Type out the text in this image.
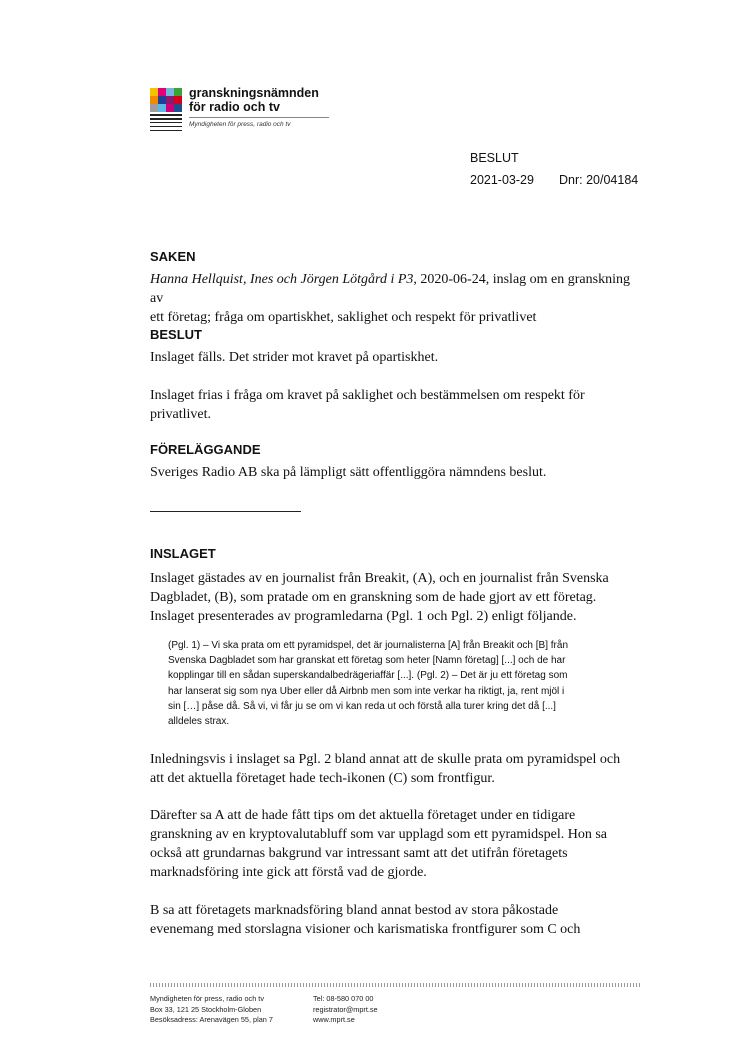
granskningsnämnden
för radio och tv
Myndigheten för press, radio och tv
BESLUT
2021-03-29 Dnr: 20/04184
SAKEN
Hanna Hellquist, Ines och Jörgen Lötgård i P3, 2020-06-24, inslag om en granskning av
ett företag; fråga om opartiskhet, saklighet och respekt för privatlivet
BESLUT
Inslaget fälls. Det strider mot kravet på opartiskhet.
Inslaget frias i fråga om kravet på saklighet och bestämmelsen om respekt för
privatlivet.
FÖRELÄGGANDE
Sveriges Radio AB ska på lämpligt sätt offentliggöra nämndens beslut.
INSLAGET
Inslaget gästades av en journalist från Breakit, (A), och en journalist från Svenska
Dagbladet, (B), som pratade om en granskning som de hade gjort av ett företag.
Inslaget presenterades av programledarna (Pgl. 1 och Pgl. 2) enligt följande.
(Pgl. 1) – Vi ska prata om ett pyramidspel, det är journalisterna [A] från Breakit och [B] från
Svenska Dagbladet som har granskat ett företag som heter [Namn företag] [...] och de har
kopplingar till en sådan superskandalbedrägeriaffär [...]. (Pgl. 2) – Det är ju ett företag som
har lanserat sig som nya Uber eller då Airbnb men som inte verkar ha riktigt, ja, rent mjöl i
sin […] påse då. Så vi, vi får ju se om vi kan reda ut och förstå alla turer kring det då [...]
alldeles strax.
Inledningsvis i inslaget sa Pgl. 2 bland annat att de skulle prata om pyramidspel och
att det aktuella företaget hade tech-ikonen (C) som frontfigur.
Därefter sa A att de hade fått tips om det aktuella företaget under en tidigare
granskning av en kryptovalutabluff som var upplagd som ett pyramidspel. Hon sa
också att grundarnas bakgrund var intressant samt att det utifrån företagets
marknadsföring inte gick att förstå vad de gjorde.
B sa att företagets marknadsföring bland annat bestod av stora påkostade
evenemang med storslagna visioner och karismatiska frontfigurer som C och
Myndigheten för press, radio och tv
Box 33, 121 25 Stockholm-Globen
Besöksadress: Arenavägen 55, plan 7
Tel: 08-580 070 00
registrator@mprt.se
www.mprt.se
